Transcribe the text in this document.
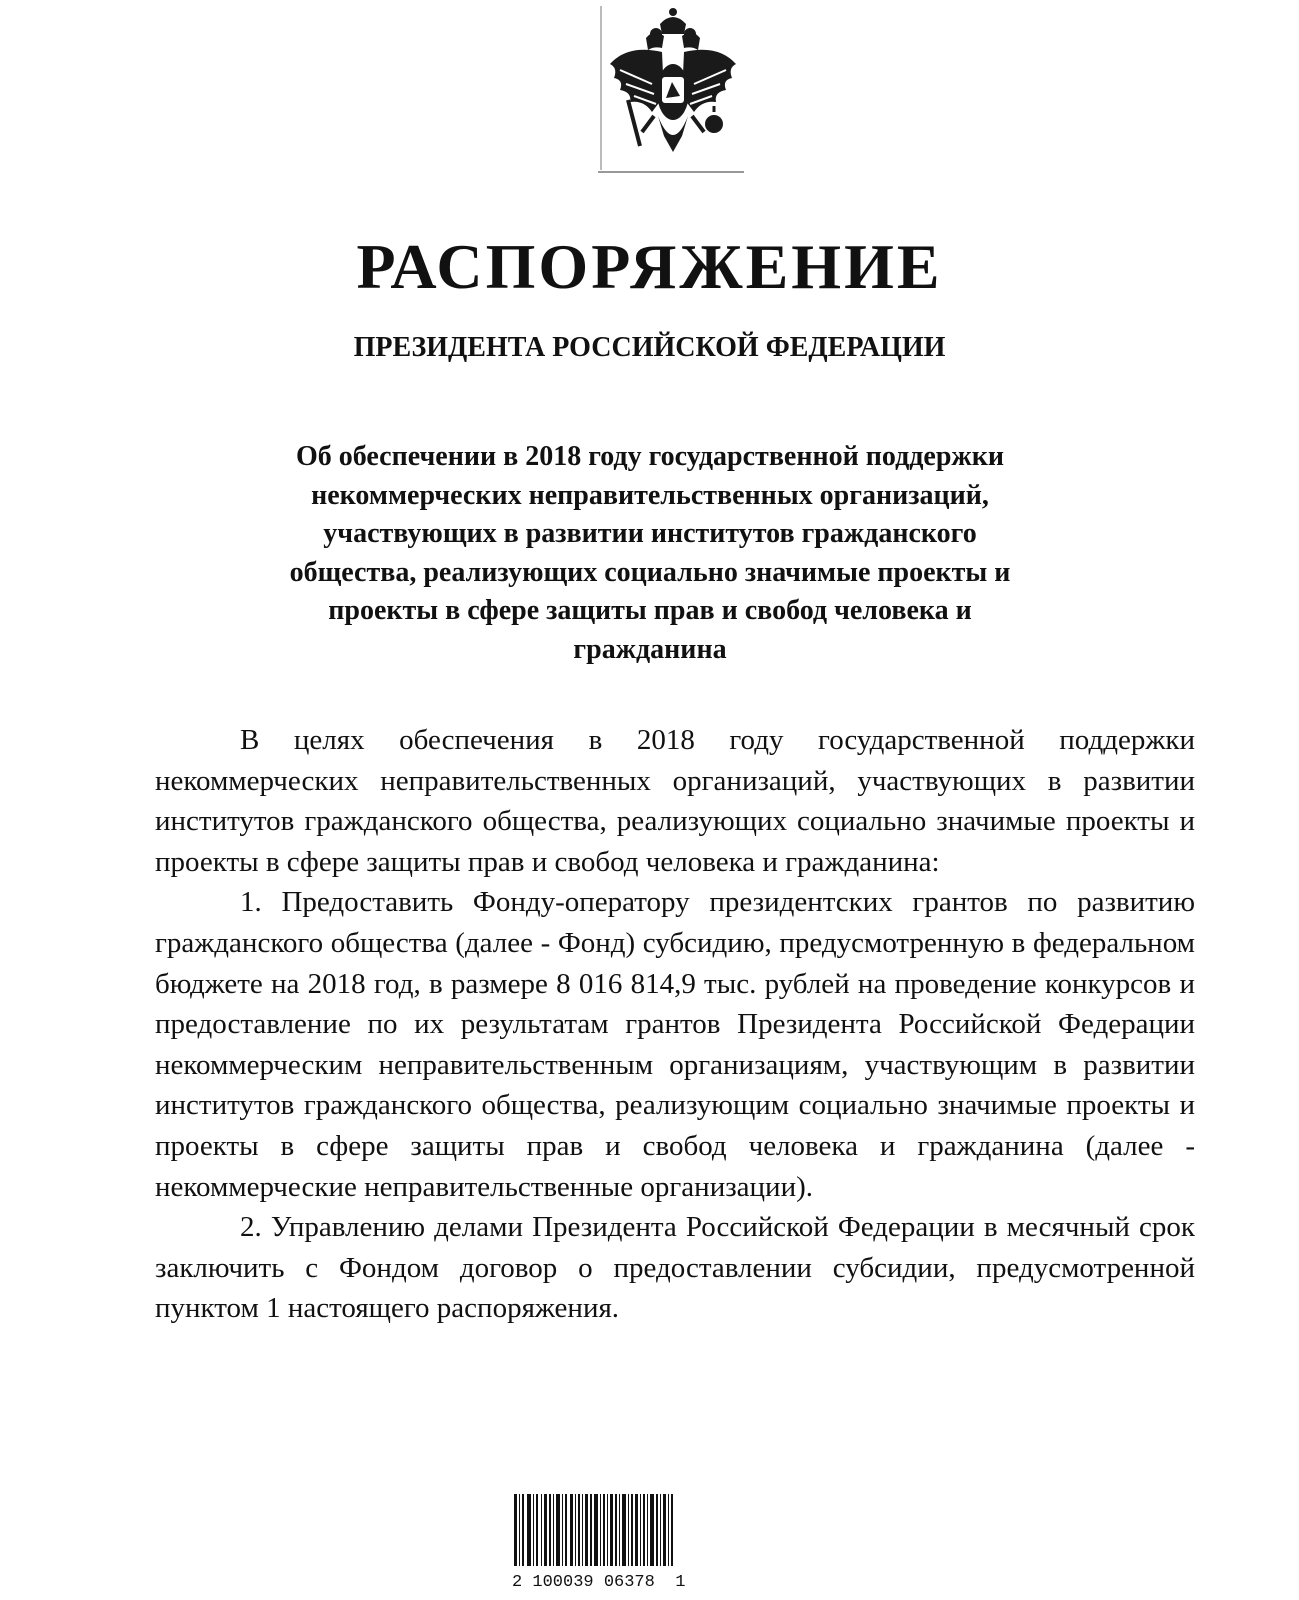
РАСПОРЯЖЕНИЕ
ПРЕЗИДЕНТА РОССИЙСКОЙ ФЕДЕРАЦИИ
Об обеспечении в 2018 году государственной поддержки
некоммерческих неправительственных организаций,
участвующих в развитии институтов гражданского
общества, реализующих социально значимые проекты и
проекты в сфере защиты прав и свобод человека и
гражданина

В целях обеспечения в 2018 году государственной поддержки некоммерческих неправительственных организаций, участвующих в развитии институтов гражданского общества, реализующих социально значимые проекты и проекты в сфере защиты прав и свобод человека и гражданина:

1. Предоставить Фонду-оператору президентских грантов по развитию гражданского общества (далее - Фонд) субсидию, предусмотренную в федеральном бюджете на 2018 год, в размере 8 016 814,9 тыс. рублей на проведение конкурсов и предоставление по их результатам грантов Президента Российской Федерации некоммерческим неправительственным организациям, участвующим в развитии институтов гражданского общества, реализующим социально значимые проекты и проекты в сфере защиты прав и свобод человека и гражданина (далее - некоммерческие неправительственные организации).

2. Управлению делами Президента Российской Федерации в месячный срок заключить с Фондом договор о предоставлении субсидии, предусмотренной пунктом 1 настоящего распоряжения.

2 100039 06378  1
